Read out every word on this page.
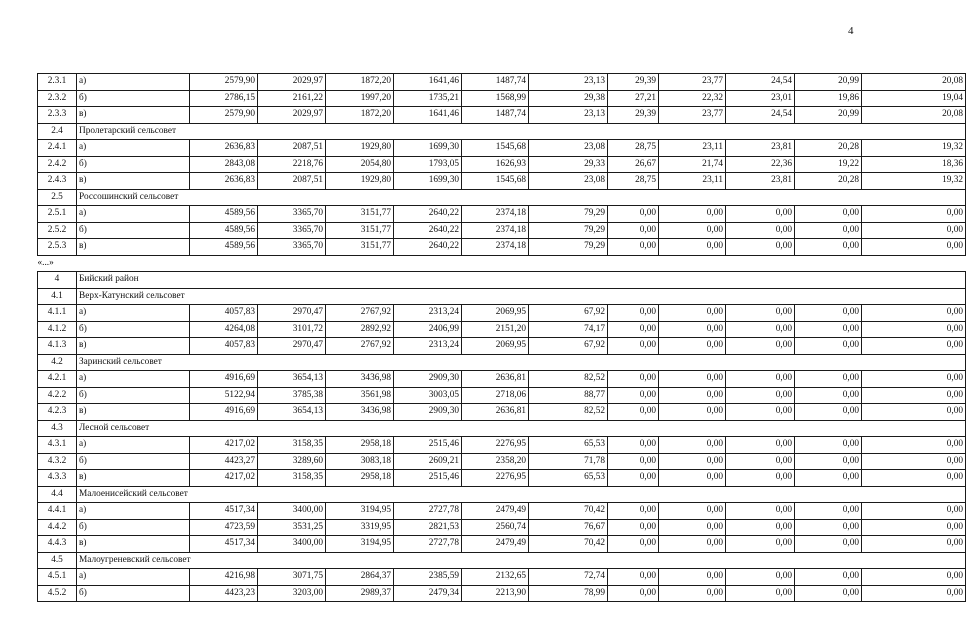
4
2.3.1	а)	2579,90	2029,97	1872,20	1641,46	1487,74	23,13	29,39	23,77	24,54	20,99	20,08
2.3.2	б)	2786,15	2161,22	1997,20	1735,21	1568,99	29,38	27,21	22,32	23,01	19,86	19,04
2.3.3	в)	2579,90	2029,97	1872,20	1641,46	1487,74	23,13	29,39	23,77	24,54	20,99	20,08
2.4	Пролетарский сельсовет											
2.4.1	а)	2636,83	2087,51	1929,80	1699,30	1545,68	23,08	28,75	23,11	23,81	20,28	19,32
2.4.2	б)	2843,08	2218,76	2054,80	1793,05	1626,93	29,33	26,67	21,74	22,36	19,22	18,36
2.4.3	в)	2636,83	2087,51	1929,80	1699,30	1545,68	23,08	28,75	23,11	23,81	20,28	19,32
2.5	Россошинский сельсовет											
2.5.1	а)	4589,56	3365,70	3151,77	2640,22	2374,18	79,29	0,00	0,00	0,00	0,00	0,00
2.5.2	б)	4589,56	3365,70	3151,77	2640,22	2374,18	79,29	0,00	0,00	0,00	0,00	0,00
2.5.3	в)	4589,56	3365,70	3151,77	2640,22	2374,18	79,29	0,00	0,00	0,00	0,00	0,00
«...»												
4	Бийский район											
4.1	Верх-Катунский сельсовет											
4.1.1	а)	4057,83	2970,47	2767,92	2313,24	2069,95	67,92	0,00	0,00	0,00	0,00	0,00
4.1.2	б)	4264,08	3101,72	2892,92	2406,99	2151,20	74,17	0,00	0,00	0,00	0,00	0,00
4.1.3	в)	4057,83	2970,47	2767,92	2313,24	2069,95	67,92	0,00	0,00	0,00	0,00	0,00
4.2	Заринский сельсовет											
4.2.1	а)	4916,69	3654,13	3436,98	2909,30	2636,81	82,52	0,00	0,00	0,00	0,00	0,00
4.2.2	б)	5122,94	3785,38	3561,98	3003,05	2718,06	88,77	0,00	0,00	0,00	0,00	0,00
4.2.3	в)	4916,69	3654,13	3436,98	2909,30	2636,81	82,52	0,00	0,00	0,00	0,00	0,00
4.3	Лесной сельсовет											
4.3.1	а)	4217,02	3158,35	2958,18	2515,46	2276,95	65,53	0,00	0,00	0,00	0,00	0,00
4.3.2	б)	4423,27	3289,60	3083,18	2609,21	2358,20	71,78	0,00	0,00	0,00	0,00	0,00
4.3.3	в)	4217,02	3158,35	2958,18	2515,46	2276,95	65,53	0,00	0,00	0,00	0,00	0,00
4.4	Малоенисейский сельсовет											
4.4.1	а)	4517,34	3400,00	3194,95	2727,78	2479,49	70,42	0,00	0,00	0,00	0,00	0,00
4.4.2	б)	4723,59	3531,25	3319,95	2821,53	2560,74	76,67	0,00	0,00	0,00	0,00	0,00
4.4.3	в)	4517,34	3400,00	3194,95	2727,78	2479,49	70,42	0,00	0,00	0,00	0,00	0,00
4.5	Малоугреневский сельсовет											
4.5.1	а)	4216,98	3071,75	2864,37	2385,59	2132,65	72,74	0,00	0,00	0,00	0,00	0,00
4.5.2	б)	4423,23	3203,00	2989,37	2479,34	2213,90	78,99	0,00	0,00	0,00	0,00	0,00
